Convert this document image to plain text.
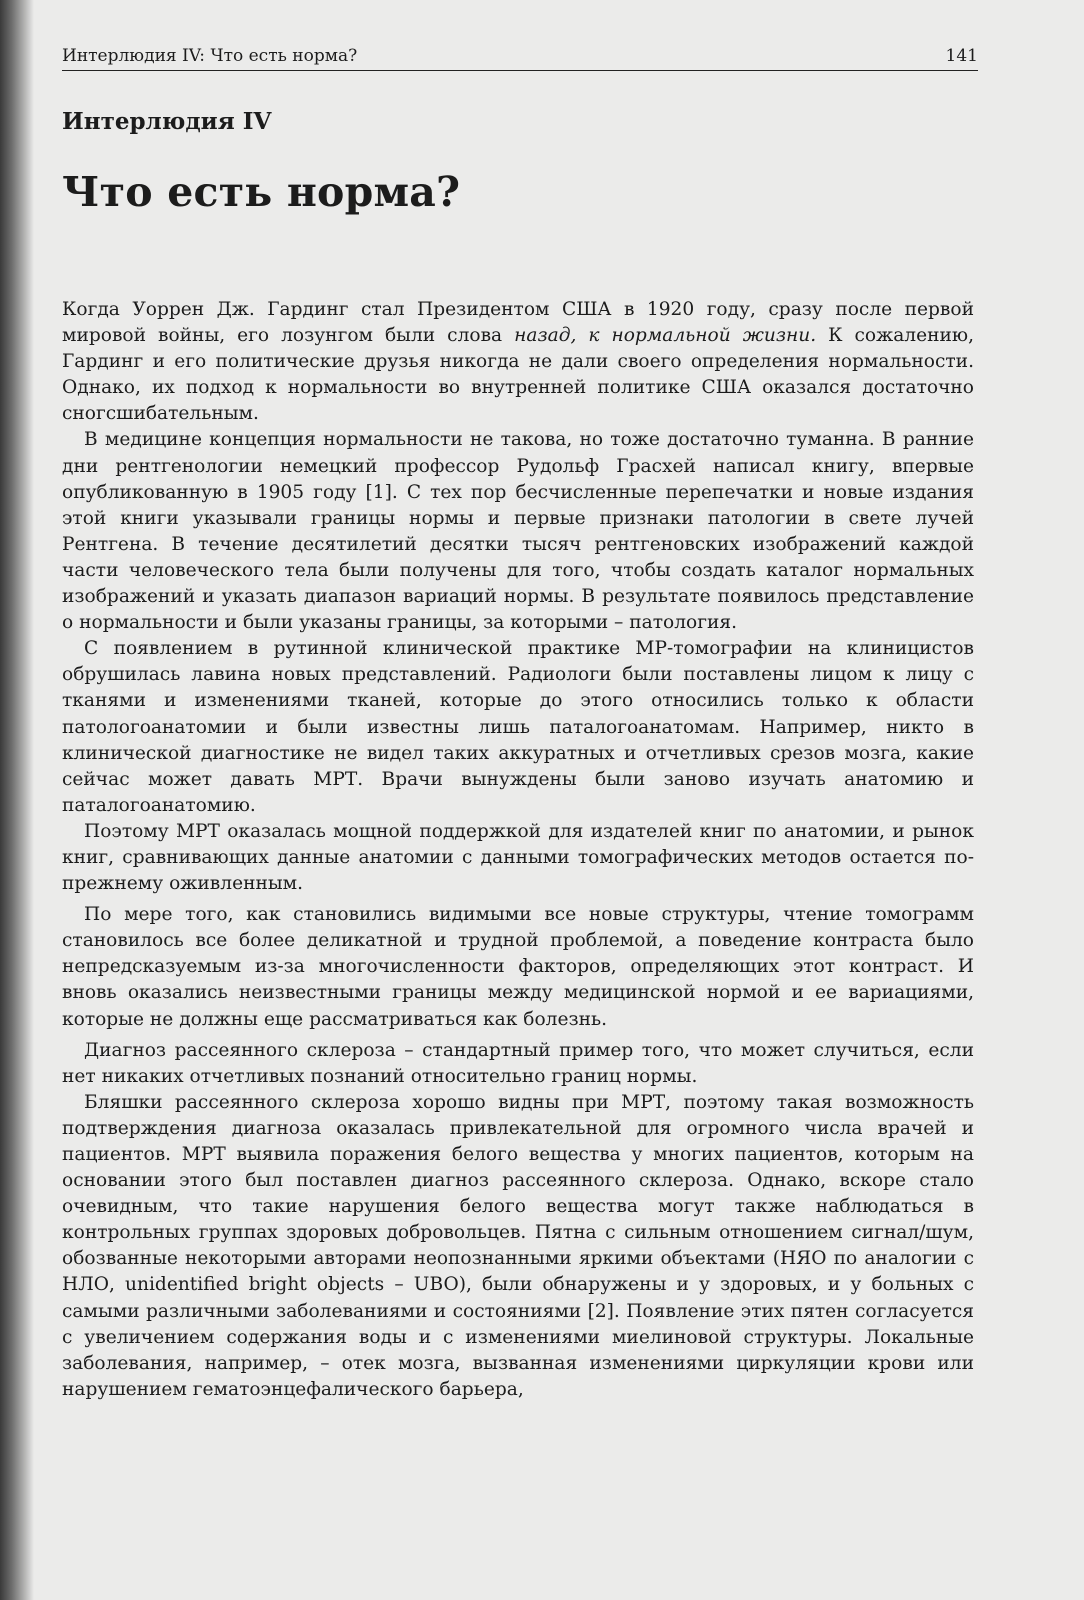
Интерлюдия IV: Что есть норма?	141
Интерлюдия IV
Что есть норма?

Когда Уоррен Дж. Гардинг стал Президентом США в 1920 году, сразу после первой мировой войны, его лозунгом были слова назад, к нормальной жизни. К сожалению, Гардинг и его политические друзья никогда не дали своего определения нормальности. Однако, их подход к нормальности во внутренней политике США оказался достаточно сногсшибательным.

В медицине концепция нормальности не такова, но тоже достаточно туманна. В ранние дни рентгенологии немецкий профессор Рудольф Грасхей написал книгу, впервые опубликованную в 1905 году [1]. С тех пор бесчисленные перепечатки и новые издания этой книги указывали границы нормы и первые признаки патологии в свете лучей Рентгена. В течение десятилетий десятки тысяч рентгеновских изображений каждой части человеческого тела были получены для того, чтобы создать каталог нормальных изображений и указать диапазон вариаций нормы. В результате появилось представление о нормальности и были указаны границы, за которыми – патология.

С появлением в рутинной клинической практике МР-томографии на клиницистов обрушилась лавина новых представлений. Радиологи были поставлены лицом к лицу с тканями и изменениями тканей, которые до этого относились только к области патологоанатомии и были известны лишь паталогоанатомам. Например, никто в клинической диагностике не видел таких аккуратных и отчетливых срезов мозга, какие сейчас может давать МРТ. Врачи вынуждены были заново изучать анатомию и паталогоанатомию.

Поэтому МРТ оказалась мощной поддержкой для издателей книг по анатомии, и рынок книг, сравнивающих данные анатомии с данными томографических методов остается по-прежнему оживленным.

По мере того, как становились видимыми все новые структуры, чтение томограмм становилось все более деликатной и трудной проблемой, а поведение контраста было непредсказуемым из-за многочисленности факторов, определяющих этот контраст. И вновь оказались неизвестными границы между медицинской нормой и ее вариациями, которые не должны еще рассматриваться как болезнь.

Диагноз рассеянного склероза – стандартный пример того, что может случиться, если нет никаких отчетливых познаний относительно границ нормы.

Бляшки рассеянного склероза хорошо видны при МРТ, поэтому такая возможность подтверждения диагноза оказалась привлекательной для огромного числа врачей и пациентов. МРТ выявила поражения белого вещества у многих пациентов, которым на основании этого был поставлен диагноз рассеянного склероза. Однако, вскоре стало очевидным, что такие нарушения белого вещества могут также наблюдаться в контрольных группах здоровых добровольцев. Пятна с сильным отношением сигнал/шум, обозванные некоторыми авторами неопознанными яркими объектами (НЯО по аналогии с НЛО, unidentified bright objects – UBO), были обнаружены и у здоровых, и у больных с самыми различными заболеваниями и состояниями [2]. Появление этих пятен согласуется с увеличением содержания воды и с изменениями миелиновой структуры. Локальные заболевания, например, – отек мозга, вызванная изменениями циркуляции крови или нарушением гематоэнцефалического барьера,
